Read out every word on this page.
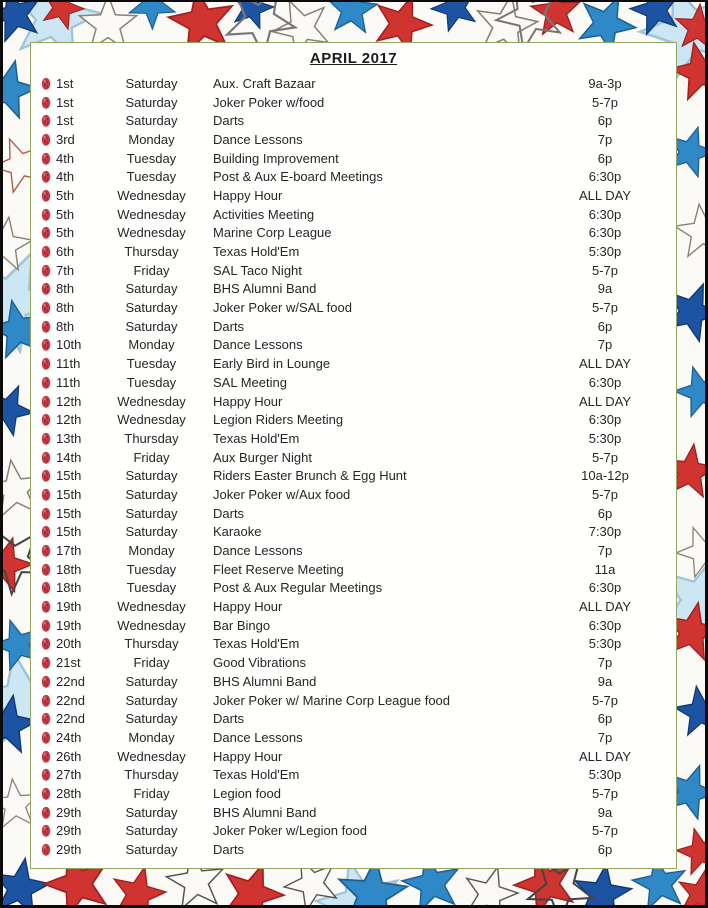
APRIL 2017
1st	Saturday	Aux. Craft Bazaar	9a-3p
1st	Saturday	Joker Poker w/food	5-7p
1st	Saturday	Darts	6p
3rd	Monday	Dance Lessons	7p
4th	Tuesday	Building Improvement	6p
4th	Tuesday	Post & Aux E-board Meetings	6:30p
5th	Wednesday	Happy Hour	ALL DAY
5th	Wednesday	Activities Meeting	6:30p
5th	Wednesday	Marine Corp League	6:30p
6th	Thursday	Texas Hold'Em	5:30p
7th	Friday	SAL Taco Night	5-7p
8th	Saturday	BHS Alumni Band	9a
8th	Saturday	Joker Poker w/SAL food	5-7p
8th	Saturday	Darts	6p
10th	Monday	Dance Lessons	7p
11th	Tuesday	Early Bird in Lounge	ALL DAY
11th	Tuesday	SAL Meeting	6:30p
12th	Wednesday	Happy Hour	ALL DAY
12th	Wednesday	Legion Riders Meeting	6:30p
13th	Thursday	Texas Hold'Em	5:30p
14th	Friday	Aux Burger Night	5-7p
15th	Saturday	Riders Easter Brunch & Egg Hunt	10a-12p
15th	Saturday	Joker Poker w/Aux food	5-7p
15th	Saturday	Darts	6p
15th	Saturday	Karaoke	7:30p
17th	Monday	Dance Lessons	7p
18th	Tuesday	Fleet Reserve Meeting	11a
18th	Tuesday	Post & Aux Regular Meetings	6:30p
19th	Wednesday	Happy Hour	ALL DAY
19th	Wednesday	Bar Bingo	6:30p
20th	Thursday	Texas Hold'Em	5:30p
21st	Friday	Good Vibrations	7p
22nd	Saturday	BHS Alumni Band	9a
22nd	Saturday	Joker Poker w/ Marine Corp League food	5-7p
22nd	Saturday	Darts	6p
24th	Monday	Dance Lessons	7p
26th	Wednesday	Happy Hour	ALL DAY
27th	Thursday	Texas Hold'Em	5:30p
28th	Friday	Legion food	5-7p
29th	Saturday	BHS Alumni Band	9a
29th	Saturday	Joker Poker w/Legion food	5-7p
29th	Saturday	Darts	6p
